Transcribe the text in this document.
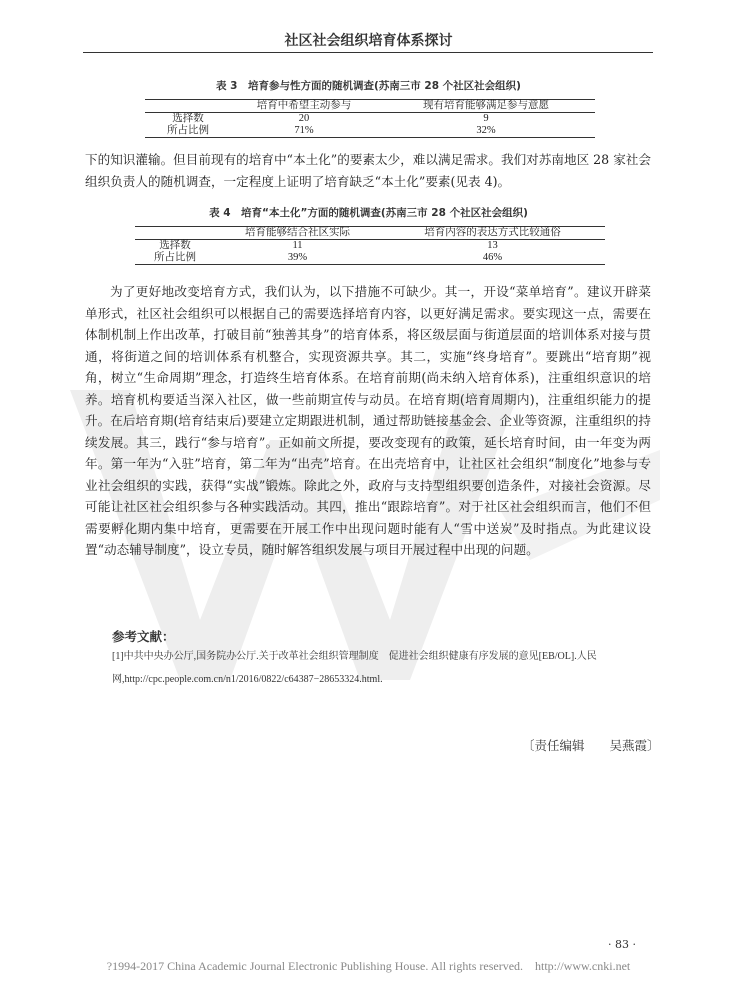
社区社会组织培育体系探讨
表 3　培育参与性方面的随机调查(苏南三市 28 个社区社会组织)
	培育中希望主动参与	现有培育能够满足参与意愿
选择数	20	9
所占比例	71%	32%

下的知识灌输。但目前现有的培育中“本土化”的要素太少，难以满足需求。我们对苏南地区 28 家社会组织负责人的随机调查，一定程度上证明了培育缺乏“本土化”要素(见表 4)。

表 4　培育“本土化”方面的随机调查(苏南三市 28 个社区社会组织)
	培育能够结合社区实际	培育内容的表达方式比较通俗
选择数	11	13
所占比例	39%	46%

为了更好地改变培育方式，我们认为，以下措施不可缺少。其一，开设“菜单培育”。建议开辟菜单形式，社区社会组织可以根据自己的需要选择培育内容，以更好满足需求。要实现这一点，需要在体制机制上作出改革，打破目前“独善其身”的培育体系，将区级层面与街道层面的培训体系对接与贯通，将街道之间的培训体系有机整合，实现资源共享。其二，实施“终身培育”。要跳出“培育期”视角，树立“生命周期”理念，打造终生培育体系。在培育前期(尚未纳入培育体系)，注重组织意识的培养。培育机构要适当深入社区，做一些前期宣传与动员。在培育期(培育周期内)，注重组织能力的提升。在后培育期(培育结束后)要建立定期跟进机制，通过帮助链接基金会、企业等资源，注重组织的持续发展。其三，践行“参与培育”。正如前文所提，要改变现有的政策，延长培育时间，由一年变为两年。第一年为“入驻”培育，第二年为“出壳”培育。在出壳培育中，让社区社会组织“制度化”地参与专业社会组织的实践，获得“实战”锻炼。除此之外，政府与支持型组织要创造条件，对接社会资源。尽可能让社区社会组织参与各种实践活动。其四，推出“跟踪培育”。对于社区社会组织而言，他们不但需要孵化期内集中培育，更需要在开展工作中出现问题时能有人“雪中送炭”及时指点。为此建议设置“动态辅导制度”，设立专员，随时解答组织发展与项目开展过程中出现的问题。

参考文献：

[1]中共中央办公厅,国务院办公厅.关于改革社会组织管理制度　促进社会组织健康有序发展的意见[EB/OL].人民网,http://cpc.people.com.cn/n1/2016/0822/c64387−28653324.html.

〔责任编辑　　吴燕霞〕
· 83 ·
?1994-2017 China Academic Journal Electronic Publishing House. All rights reserved.    http://www.cnki.net
